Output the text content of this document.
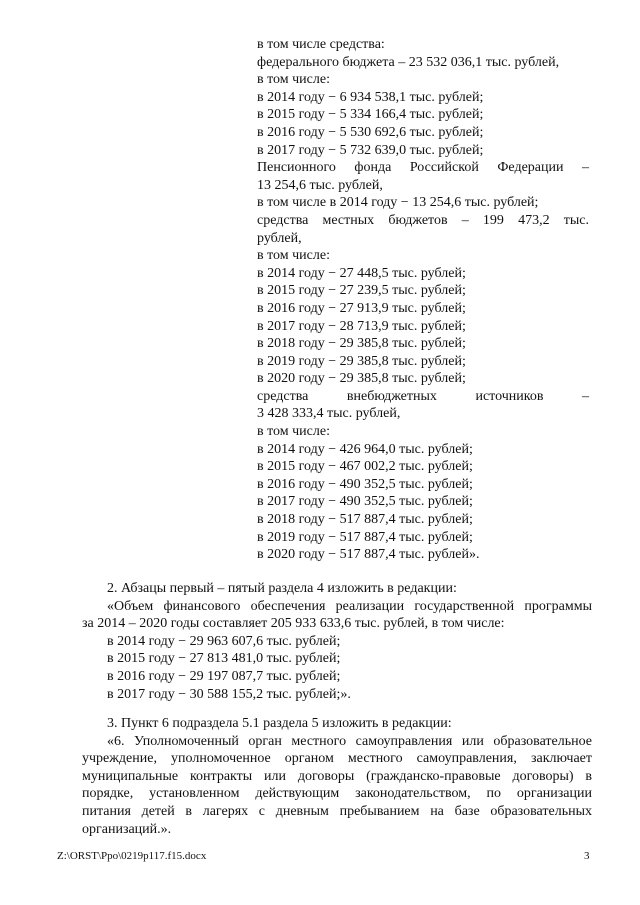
в том числе средства:
федерального бюджета – 23 532 036,1 тыс. рублей,
в том числе:
в 2014 году − 6 934 538,1 тыс. рублей;
в 2015 году − 5 334 166,4 тыс. рублей;
в 2016 году − 5 530 692,6 тыс. рублей;
в 2017 году − 5 732 639,0 тыс. рублей;
Пенсионного фонда Российской Федерации –
13 254,6 тыс. рублей,
в том числе в 2014 году − 13 254,6 тыс. рублей;
средства местных бюджетов – 199 473,2 тыс.
рублей,
в том числе:
в 2014 году − 27 448,5 тыс. рублей;
в 2015 году − 27 239,5 тыс. рублей;
в 2016 году − 27 913,9 тыс. рублей;
в 2017 году − 28 713,9 тыс. рублей;
в 2018 году − 29 385,8 тыс. рублей;
в 2019 году − 29 385,8 тыс. рублей;
в 2020 году − 29 385,8 тыс. рублей;
средства внебюджетных источников –
3 428 333,4 тыс. рублей,
в том числе:
в 2014 году − 426 964,0 тыс. рублей;
в 2015 году − 467 002,2 тыс. рублей;
в 2016 году − 490 352,5 тыс. рублей;
в 2017 году − 490 352,5 тыс. рублей;
в 2018 году − 517 887,4 тыс. рублей;
в 2019 году − 517 887,4 тыс. рублей;
в 2020 году − 517 887,4 тыс. рублей».
2. Абзацы первый – пятый раздела 4 изложить в редакции:
«Объем финансового обеспечения реализации государственной программы
за 2014 – 2020 годы составляет 205 933 633,6 тыс. рублей, в том числе:
в 2014 году − 29 963 607,6 тыс. рублей;
в 2015 году − 27 813 481,0 тыс. рублей;
в 2016 году − 29 197 087,7 тыс. рублей;
в 2017 году − 30 588 155,2 тыс. рублей;».
3. Пункт 6 подраздела 5.1 раздела 5 изложить в редакции:
«6. Уполномоченный орган местного самоуправления или образовательное
учреждение, уполномоченное органом местного самоуправления, заключает
муниципальные контракты или договоры (гражданско-правовые договоры) в
порядке, установленном действующим законодательством, по организации
питания детей в лагерях с дневным пребыванием на базе образовательных
организаций.».
Z:\ORST\Ppo\0219p117.f15.docx	3
